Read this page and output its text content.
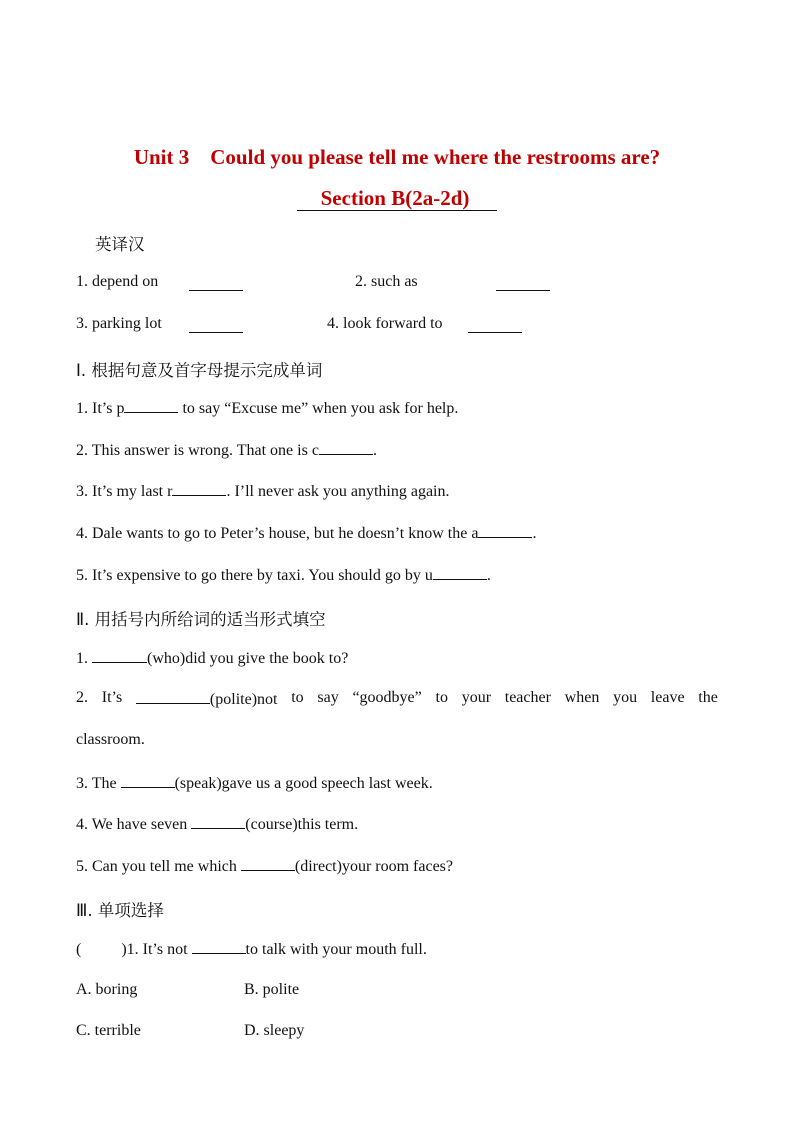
Unit 3 Could you please tell me where the restrooms are?
Section B(2a-2d)
英译汉
1. depend on	2. such as
3. parking lot	4. look forward to
Ⅰ. 根据句意及首字母提示完成单词
1. It’s p	to say “Excuse me” when you ask for help.
2. This answer is wrong. That one is c	.
3. It’s my last r	. I’ll never ask you anything again.
4. Dale wants to go to Peter’s house, but he doesn’t know the a	.
5. It’s expensive to go there by taxi. You should go by u	.
Ⅱ. 用括号内所给词的适当形式填空
1.	(who)did you give the book to?
2. It’s	(polite)not to say “goodbye” to your teacher when you leave the
classroom.
3. The	(speak)gave us a good speech last week.
4. We have seven	(course)this term.
5. Can you tell me which	(direct)your room faces?
Ⅲ. 单项选择
(          )1. It’s not	to talk with your mouth full.
A. boring	B. polite
C. terrible	D. sleepy
